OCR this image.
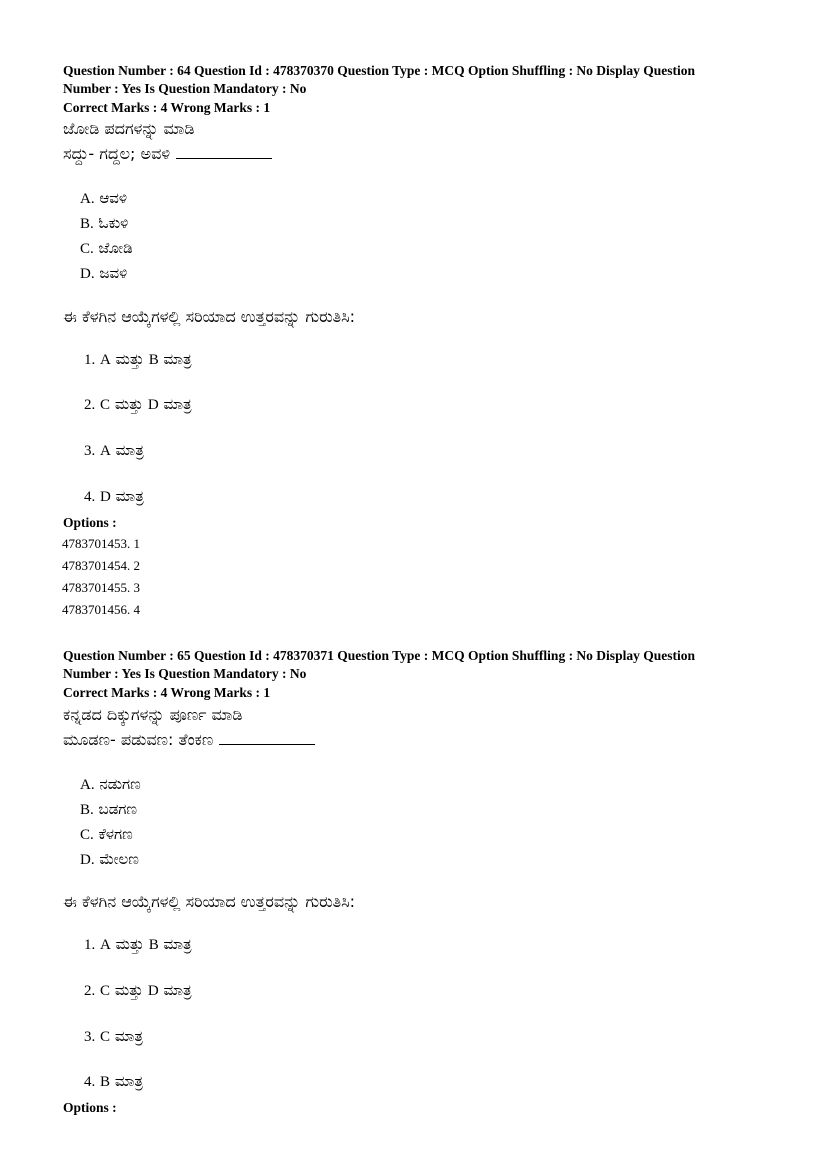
Question Number : 64 Question Id : 478370370 Question Type : MCQ Option Shuffling : No Display Question
Number : Yes Is Question Mandatory : No
Correct Marks : 4 Wrong Marks : 1
ಜೋಡಿ ಪದಗಳನ್ನು ಮಾಡಿ
ಸದ್ದು- ಗದ್ದಲ; ಅವಳಿ
A. ಆವಳಿ
B. ಓಕುಳಿ
C. ಜೋಡಿ
D. ಜವಳಿ
ಈ ಕೆಳಗಿನ ಆಯ್ಕೆಗಳಲ್ಲಿ ಸರಿಯಾದ ಉತ್ತರವನ್ನು ಗುರುತಿಸಿ:
1. A ಮತ್ತು B ಮಾತ್ರ
2. C ಮತ್ತು D ಮಾತ್ರ
3. A ಮಾತ್ರ
4. D ಮಾತ್ರ
Options :
4783701453. 1
4783701454. 2
4783701455. 3
4783701456. 4
Question Number : 65 Question Id : 478370371 Question Type : MCQ Option Shuffling : No Display Question
Number : Yes Is Question Mandatory : No
Correct Marks : 4 Wrong Marks : 1
ಕನ್ನಡದ ದಿಕ್ಕುಗಳನ್ನು ಪೂರ್ಣ ಮಾಡಿ
ಮೂಡಣ- ಪಡುವಣ: ತೆಂಕಣ
A. ನಡುಗಣ
B. ಬಡಗಣ
C. ಕೆಳಗಣ
D. ಮೇಲಣ
ಈ ಕೆಳಗಿನ ಆಯ್ಕೆಗಳಲ್ಲಿ ಸರಿಯಾದ ಉತ್ತರವನ್ನು ಗುರುತಿಸಿ:
1. A ಮತ್ತು B ಮಾತ್ರ
2. C ಮತ್ತು D ಮಾತ್ರ
3. C ಮಾತ್ರ
4. B ಮಾತ್ರ
Options :
